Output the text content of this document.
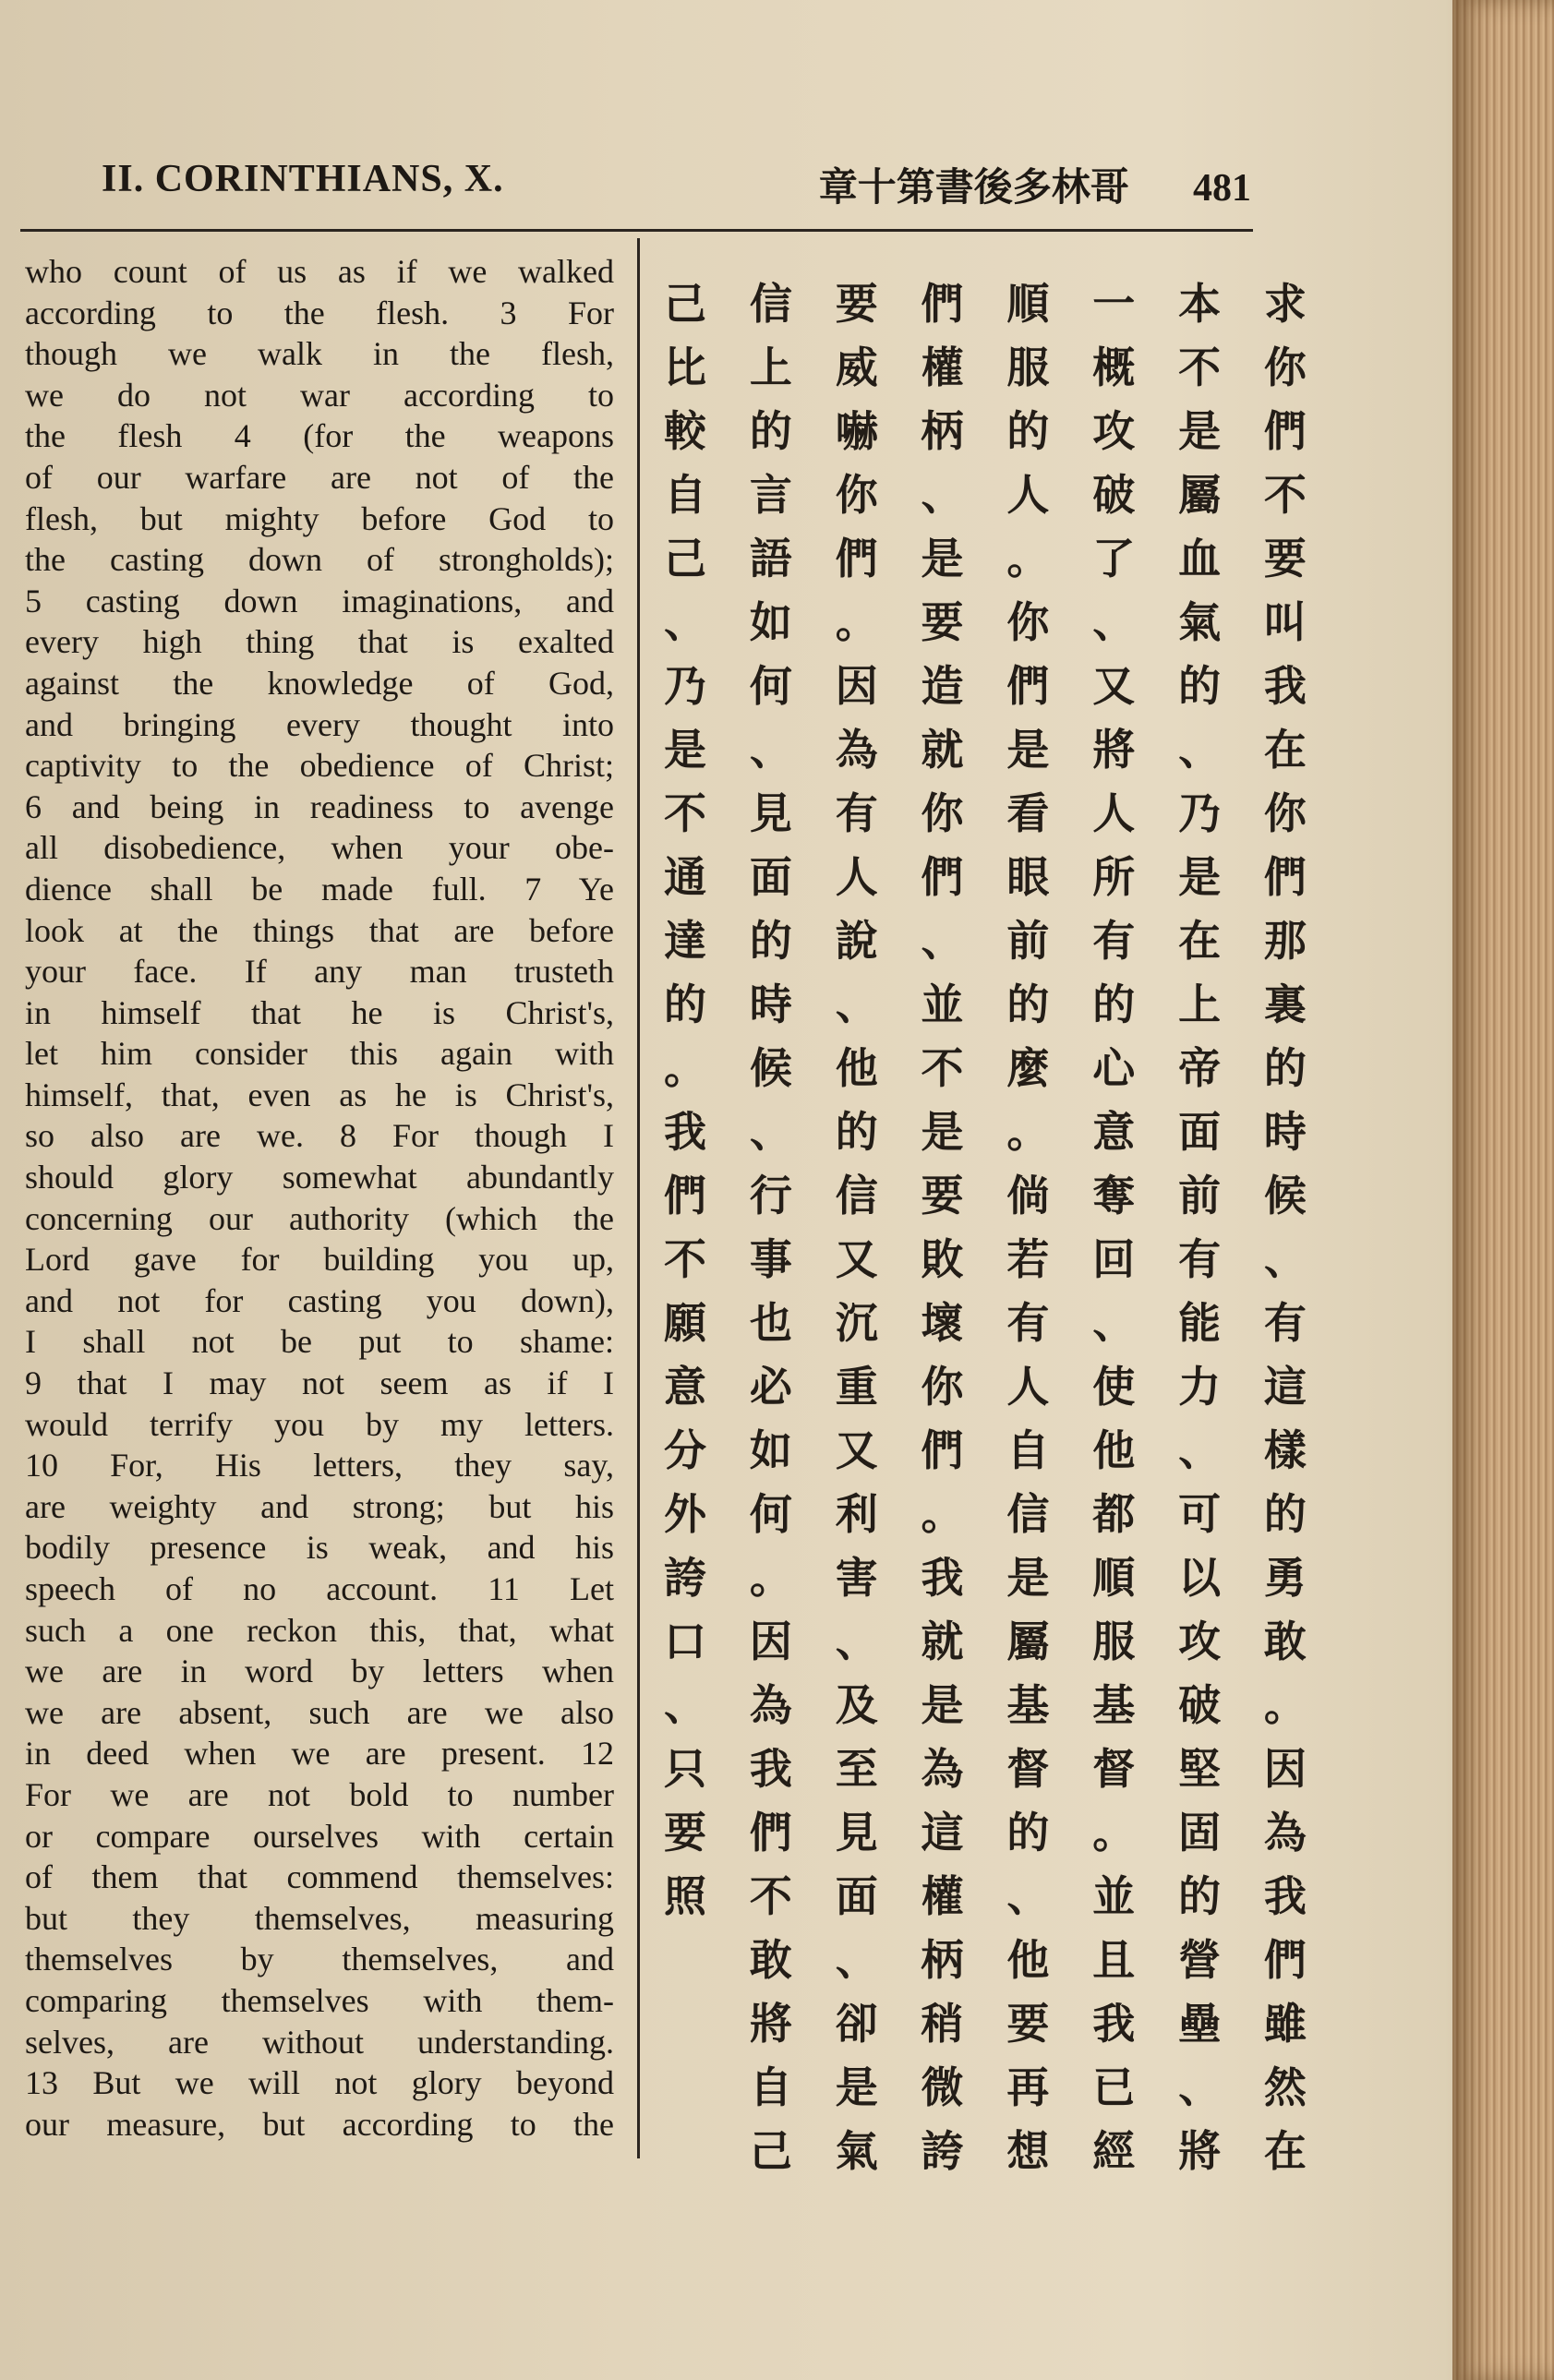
II. CORINTHIANS, X.	章十第書後多林哥 481
who count of us as if we walked
according to the flesh. 3 For
though we walk in the flesh,
we do not war according to
the flesh 4 (for the weapons
of our warfare are not of the
flesh, but mighty before God to
the casting down of strongholds);
5 casting down imaginations, and
every high thing that is exalted
against the knowledge of God,
and bringing every thought into
captivity to the obedience of Christ;
6 and being in readiness to avenge
all disobedience, when your obe-
dience shall be made full. 7 Ye
look at the things that are before
your face. If any man trusteth
in himself that he is Christ's,
let him consider this again with
himself, that, even as he is Christ's,
so also are we. 8 For though I
should glory somewhat abundantly
concerning our authority (which the
Lord gave for building you up,
and not for casting you down),
I shall not be put to shame:
9 that I may not seem as if I
would terrify you by my letters.
10 For, His letters, they say,
are weighty and strong; but his
bodily presence is weak, and his
speech of no account. 11 Let
such a one reckon this, that, what
we are in word by letters when
we are absent, such are we also
in deed when we are present. 12
For we are not bold to number
or compare ourselves with certain
of them that commend themselves:
but they themselves, measuring
themselves by themselves, and
comparing themselves with them-
selves, are without understanding.
13 But we will not glory beyond
our measure, but according to the
求
你
們
不
要
叫
我
在
你
們
那
裏
的
時
候
、
有
這
樣
的
勇
敢
。
因
為
我
們
雖
然
在
本
不
是
屬
血
氣
的
、
乃
是
在
上
帝
面
前
有
能
力
、
可
以
攻
破
堅
固
的
營
壘
、
將
一
概
攻
破
了
、
又
將
人
所
有
的
心
意
奪
回
、
使
他
都
順
服
基
督
。
並
且
我
已
經
順
服
的
人
。
你
們
是
看
眼
前
的
麼
。
倘
若
有
人
自
信
是
屬
基
督
的
、
他
要
再
想
們
權
柄
、
是
要
造
就
你
們
、
並
不
是
要
敗
壞
你
們
。
我
就
是
為
這
權
柄
稍
微
誇
要
威
嚇
你
們
。
因
為
有
人
說
、
他
的
信
又
沉
重
又
利
害
、
及
至
見
面
、
卻
是
氣
信
上
的
言
語
如
何
、
見
面
的
時
候
、
行
事
也
必
如
何
。
因
為
我
們
不
敢
將
自
己
己
比
較
自
己
、
乃
是
不
通
達
的
。
我
們
不
願
意
分
外
誇
口
、
只
要
照
